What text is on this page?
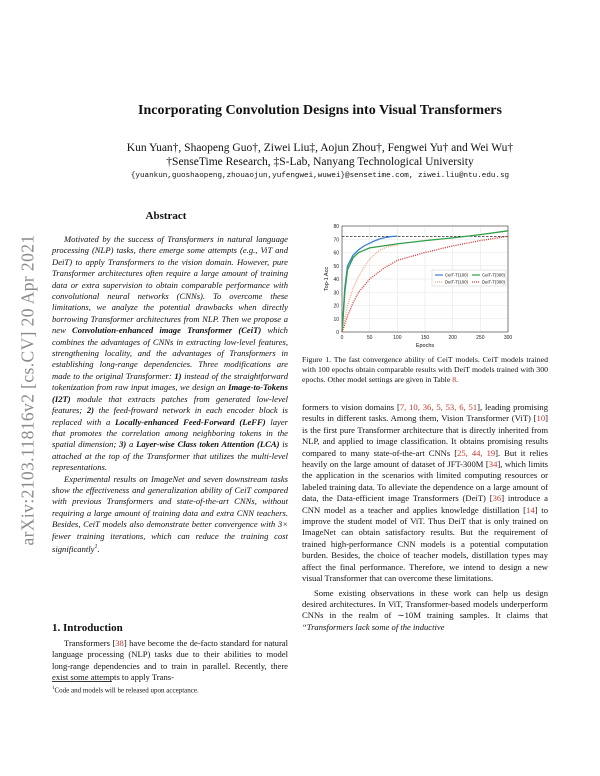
arXiv:2103.11816v2 [cs.CV] 20 Apr 2021
Incorporating Convolution Designs into Visual Transformers
Kun Yuan†, Shaopeng Guo†, Ziwei Liu‡, Aojun Zhou†, Fengwei Yu† and Wei Wu†
†SenseTime Research, ‡S-Lab, Nanyang Technological University
{yuankun,guoshaopeng,zhouaojun,yufengwei,wuwei}@sensetime.com, ziwei.liu@ntu.edu.sg
Abstract

Motivated by the success of Transformers in natural language processing (NLP) tasks, there emerge some attempts (e.g., ViT and DeiT) to apply Transformers to the vision domain. However, pure Transformer architectures often require a large amount of training data or extra supervision to obtain comparable performance with convolutional neural networks (CNNs). To overcome these limitations, we analyze the potential drawbacks when directly borrowing Transformer architectures from NLP. Then we propose a new Convolution-enhanced image Transformer (CeiT) which combines the advantages of CNNs in extracting low-level features, strengthening locality, and the advantages of Transformers in establishing long-range dependencies. Three modifications are made to the original Transformer: 1) instead of the straightforward tokenization from raw input images, we design an Image-to-Tokens (I2T) module that extracts patches from generated low-level features; 2) the feed-froward network in each encoder block is replaced with a Locally-enhanced Feed-Forward (LeFF) layer that promotes the correlation among neighboring tokens in the spatial dimension; 3) a Layer-wise Class token Attention (LCA) is attached at the top of the Transformer that utilizes the multi-level representations.

Experimental results on ImageNet and seven downstream tasks show the effectiveness and generalization ability of CeiT compared with previous Transformers and state-of-the-art CNNs, without requiring a large amount of training data and extra CNN teachers. Besides, CeiT models also demonstrate better convergence with 3× fewer training iterations, which can reduce the training cost significantly$^1$.

1. Introduction
Transformers [38] have become the de-facto standard for natural language processing (NLP) tasks due to their abilities to model long-range dependencies and to train in parallel. Recently, there exist some attempts to apply Trans-
$^1$Code and models will be released upon acceptance.
0
10
20
30
40
50
60
70
80
0	50	100	150	200	250	300
Epochs
Top-1 Acc	CeiT-T(100)	CeiT-T(300)
DeiT-T(100)	DeiT-T(300)
Figure 1. The fast convergence ability of CeiT models. CeiT models trained with 100 epochs obtain comparable results with DeiT models trained with 300 epochs. Other model settings are given in Table 8.

formers to vision domains [7, 10, 36, 5, 53, 6, 51], leading promising results in different tasks. Among them, Vision Transformer (ViT) [10] is the first pure Transformer architecture that is directly inherited from NLP, and applied to image classification. It obtains promising results compared to many state-of-the-art CNNs [25, 44, 19]. But it relies heavily on the large amount of dataset of JFT-300M [34], which limits the application in the scenarios with limited computing resources or labeled training data. To alleviate the dependence on a large amount of data, the Data-efficient image Transformers (DeiT) [36] introduce a CNN model as a teacher and applies knowledge distillation [14] to improve the student model of ViT. Thus DeiT that is only trained on ImageNet can obtain satisfactory results. But the requirement of trained high-performance CNN models is a potential computation burden. Besides, the choice of teacher models, distillation types may affect the final performance. Therefore, we intend to design a new visual Transformer that can overcome these limitations.

Some existing observations in these work can help us design desired architectures. In ViT, Transformer-based models underperform CNNs in the realm of ∼10M training samples. It claims that “Transformers lack some of the inductive
